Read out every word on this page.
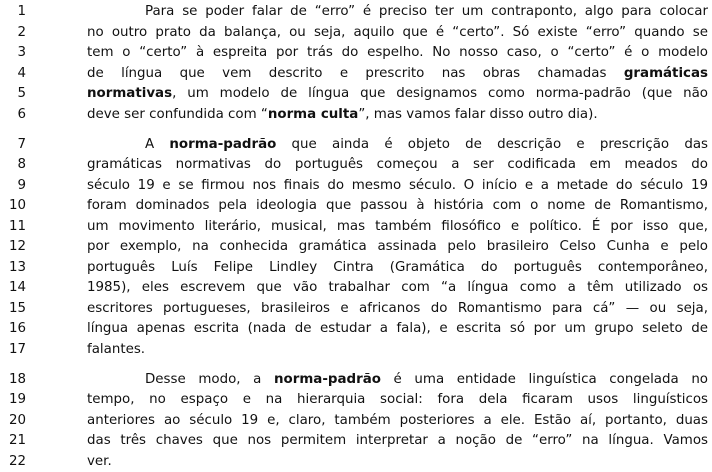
1	Para se poder falar de “erro” é preciso ter um contraponto, algo para colocar
2	no outro prato da balança, ou seja, aquilo que é “certo”. Só existe “erro” quando se
3	tem o “certo” à espreita por trás do espelho. No nosso caso, o “certo” é o modelo
4	de língua que vem descrito e prescrito nas obras chamadas gramáticas
5	normativas, um modelo de língua que designamos como norma-padrão (que não
6	deve ser confundida com “norma culta”, mas vamos falar disso outro dia).
7	A norma-padrão que ainda é objeto de descrição e prescrição das
8	gramáticas normativas do português começou a ser codificada em meados do
9	século 19 e se firmou nos finais do mesmo século. O início e a metade do século 19
10	foram dominados pela ideologia que passou à história com o nome de Romantismo,
11	um movimento literário, musical, mas também filosófico e político. É por isso que,
12	por exemplo, na conhecida gramática assinada pelo brasileiro Celso Cunha e pelo
13	português Luís Felipe Lindley Cintra (Gramática do português contemporâneo,
14	1985), eles escrevem que vão trabalhar com “a língua como a têm utilizado os
15	escritores portugueses, brasileiros e africanos do Romantismo para cá” — ou seja,
16	língua apenas escrita (nada de estudar a fala), e escrita só por um grupo seleto de
17	falantes.
18	Desse modo, a norma-padrão é uma entidade linguística congelada no
19	tempo, no espaço e na hierarquia social: fora dela ficaram usos linguísticos
20	anteriores ao século 19 e, claro, também posteriores a ele. Estão aí, portanto, duas
21	das três chaves que nos permitem interpretar a noção de “erro” na língua. Vamos
22	ver.
